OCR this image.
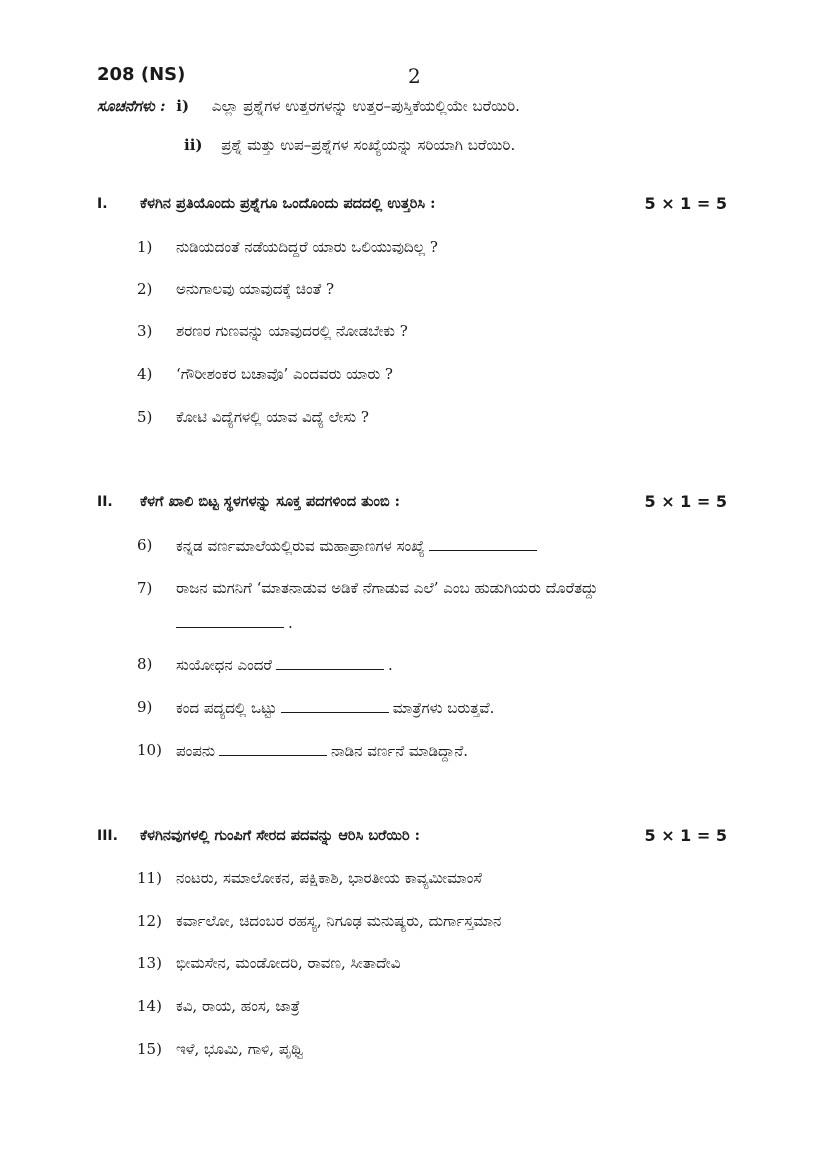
208 (NS)	2
ಸೂಚನೆಗಳು : i) ಎಲ್ಲಾ ಪ್ರಶ್ನೆಗಳ ಉತ್ತರಗಳನ್ನು ಉತ್ತರ–ಪುಸ್ತಿಕೆಯಲ್ಲಿಯೇ ಬರೆಯಿರಿ.
ii) ಪ್ರಶ್ನೆ ಮತ್ತು ಉಪ–ಪ್ರಶ್ನೆಗಳ ಸಂಖ್ಯೆಯನ್ನು ಸರಿಯಾಗಿ ಬರೆಯಿರಿ.
I. ಕೆಳಗಿನ ಪ್ರತಿಯೊಂದು ಪ್ರಶ್ನೆಗೂ ಒಂದೊಂದು ಪದದಲ್ಲಿ ಉತ್ತರಿಸಿ :	5 × 1 = 5
1) ನುಡಿಯದಂತೆ ನಡೆಯದಿದ್ದರೆ ಯಾರು ಒಲಿಯುವುದಿಲ್ಲ ?
2) ಅನುಗಾಲವು ಯಾವುದಕ್ಕೆ ಚಿಂತೆ ?
3) ಶರಣರ ಗುಣವನ್ನು ಯಾವುದರಲ್ಲಿ ನೋಡಬೇಕು ?
4) ‘ಗೌರೀಶಂಕರ ಬಚಾವೊ’ ಎಂದವರು ಯಾರು ?
5) ಕೋಟಿ ವಿದ್ಯೆಗಳಲ್ಲಿ ಯಾವ ವಿದ್ಯೆ ಲೇಸು ?
II. ಕೆಳಗೆ ಖಾಲಿ ಬಿಟ್ಟ ಸ್ಥಳಗಳನ್ನು ಸೂಕ್ತ ಪದಗಳಿಂದ ತುಂಬಿ :	5 × 1 = 5
6) ಕನ್ನಡ ವರ್ಣಮಾಲೆಯಲ್ಲಿರುವ ಮಹಾಪ್ರಾಣಗಳ ಸಂಖ್ಯೆ
7) ರಾಜನ ಮಗನಿಗೆ ‘ಮಾತನಾಡುವ ಅಡಿಕೆ ನೆಗಾಡುವ ಎಲೆ’ ಎಂಬ ಹುಡುಗಿಯರು ದೊರೆತದ್ದು
.
8) ಸುಯೋಧನ ಎಂದರೆ	.
9) ಕಂದ ಪದ್ಯದಲ್ಲಿ ಒಟ್ಟು	ಮಾತ್ರೆಗಳು ಬರುತ್ತವೆ.
10) ಪಂಪನು	ನಾಡಿನ ವರ್ಣನೆ ಮಾಡಿದ್ದಾನೆ.
III. ಕೆಳಗಿನವುಗಳಲ್ಲಿ ಗುಂಪಿಗೆ ಸೇರದ ಪದವನ್ನು ಆರಿಸಿ ಬರೆಯಿರಿ :	5 × 1 = 5
11) ನಂಟರು, ಸಮಾಲೋಕನ, ಪಕ್ಷಿಕಾಶಿ, ಭಾರತೀಯ ಕಾವ್ಯಮೀಮಾಂಸೆ
12) ಕರ್ವಾಲೋ, ಚಿದಂಬರ ರಹಸ್ಯ, ನಿಗೂಢ ಮನುಷ್ಯರು, ದುರ್ಗಾಸ್ತಮಾನ
13) ಭೀಮಸೇನ, ಮಂಡೋದರಿ, ರಾವಣ, ಸೀತಾದೇವಿ
14) ಕವಿ, ರಾಯ, ಹಂಸ, ಜಾತ್ರೆ
15) ಇಳೆ, ಭೂಮಿ, ಗಾಳಿ, ಪೃಥ್ವಿ
